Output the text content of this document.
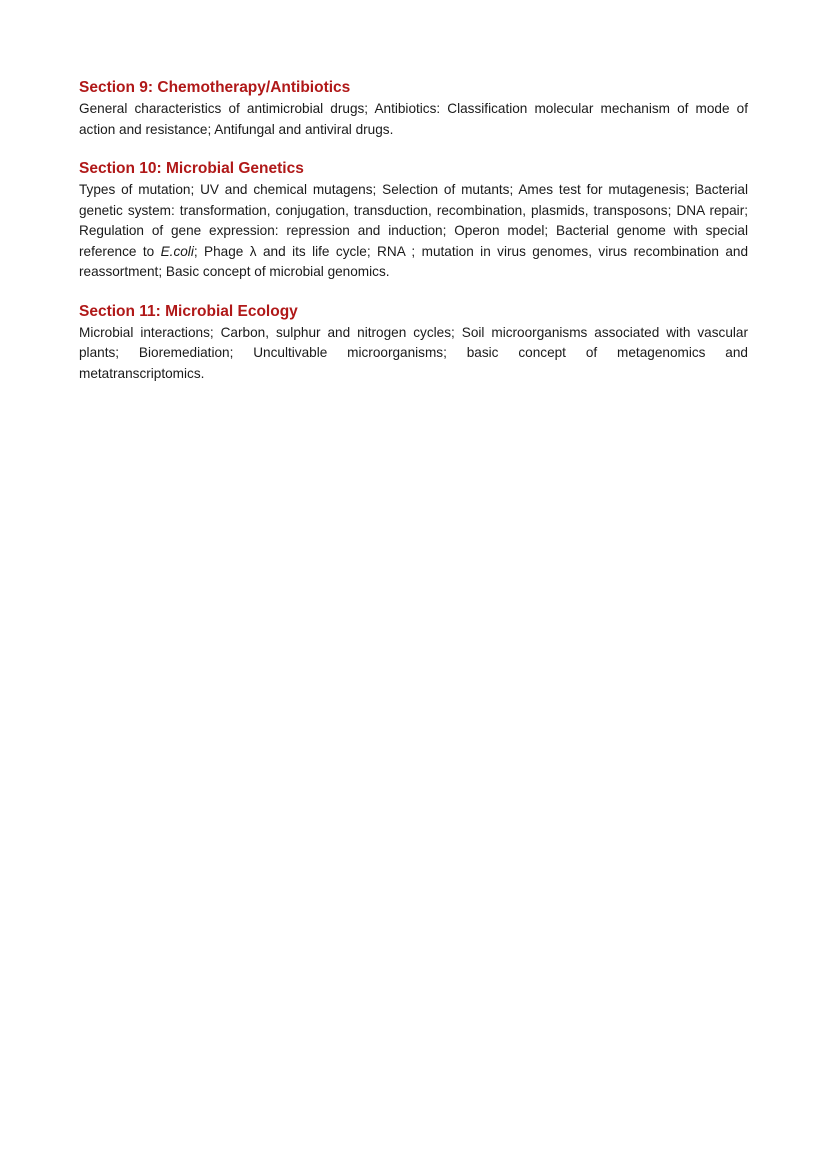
Section 9: Chemotherapy/Antibiotics

General characteristics of antimicrobial drugs; Antibiotics: Classification molecular mechanism of mode of action and resistance; Antifungal and antiviral drugs.

Section 10: Microbial Genetics

Types of mutation; UV and chemical mutagens; Selection of mutants; Ames test for mutagenesis; Bacterial genetic system: transformation, conjugation, transduction, recombination, plasmids, transposons; DNA repair; Regulation of gene expression: repression and induction; Operon model; Bacterial genome with special reference to E.coli; Phage λ and its life cycle; RNA ; mutation in virus genomes, virus recombination and reassortment; Basic concept of microbial genomics.

Section 11: Microbial Ecology

Microbial interactions; Carbon, sulphur and nitrogen cycles; Soil microorganisms associated with vascular plants; Bioremediation; Uncultivable microorganisms; basic concept of metagenomics and metatranscriptomics.
